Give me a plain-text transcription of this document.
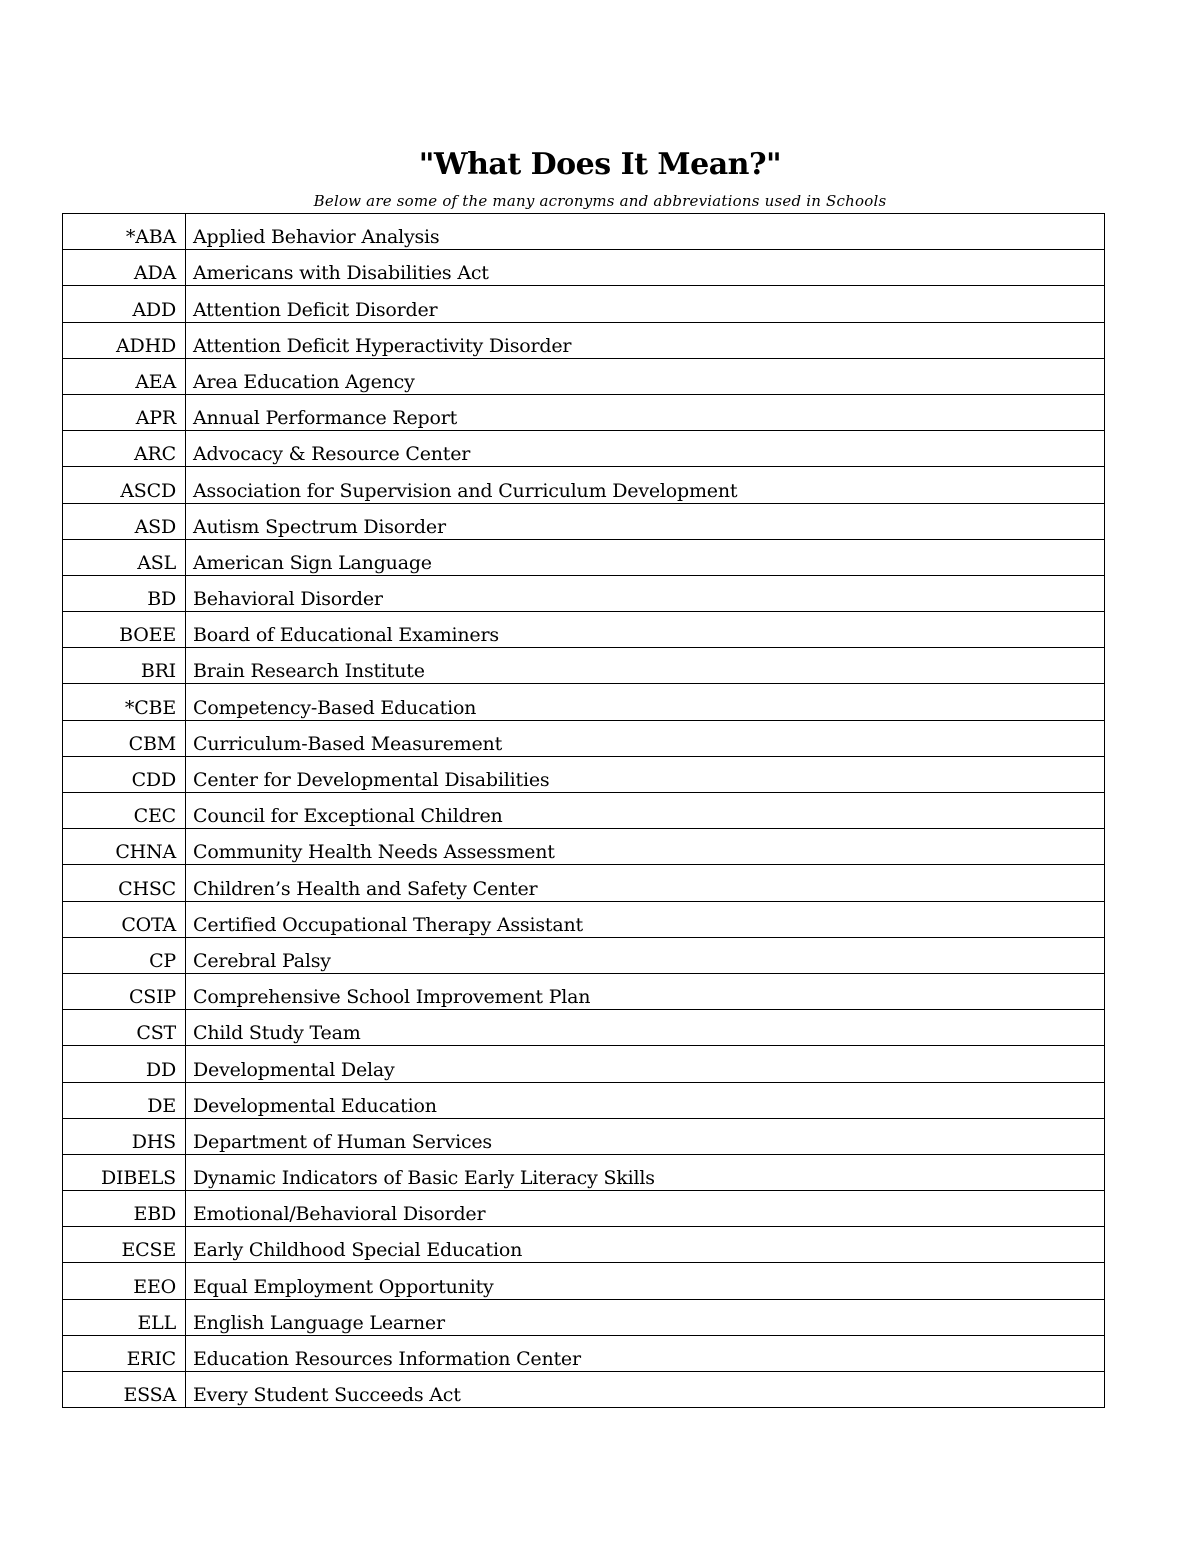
"What Does It Mean?"
Below are some of the many acronyms and abbreviations used in Schools
*ABA	Applied Behavior Analysis
ADA	Americans with Disabilities Act
ADD	Attention Deficit Disorder
ADHD	Attention Deficit Hyperactivity Disorder
AEA	Area Education Agency
APR	Annual Performance Report
ARC	Advocacy & Resource Center
ASCD	Association for Supervision and Curriculum Development
ASD	Autism Spectrum Disorder
ASL	American Sign Language
BD	Behavioral Disorder
BOEE	Board of Educational Examiners
BRI	Brain Research Institute
*CBE	Competency-Based Education
CBM	Curriculum-Based Measurement
CDD	Center for Developmental Disabilities
CEC	Council for Exceptional Children
CHNA	Community Health Needs Assessment
CHSC	Children’s Health and Safety Center
COTA	Certified Occupational Therapy Assistant
CP	Cerebral Palsy
CSIP	Comprehensive School Improvement Plan
CST	Child Study Team
DD	Developmental Delay
DE	Developmental Education
DHS	Department of Human Services
DIBELS	Dynamic Indicators of Basic Early Literacy Skills
EBD	Emotional/Behavioral Disorder
ECSE	Early Childhood Special Education
EEO	Equal Employment Opportunity
ELL	English Language Learner
ERIC	Education Resources Information Center
ESSA	Every Student Succeeds Act
